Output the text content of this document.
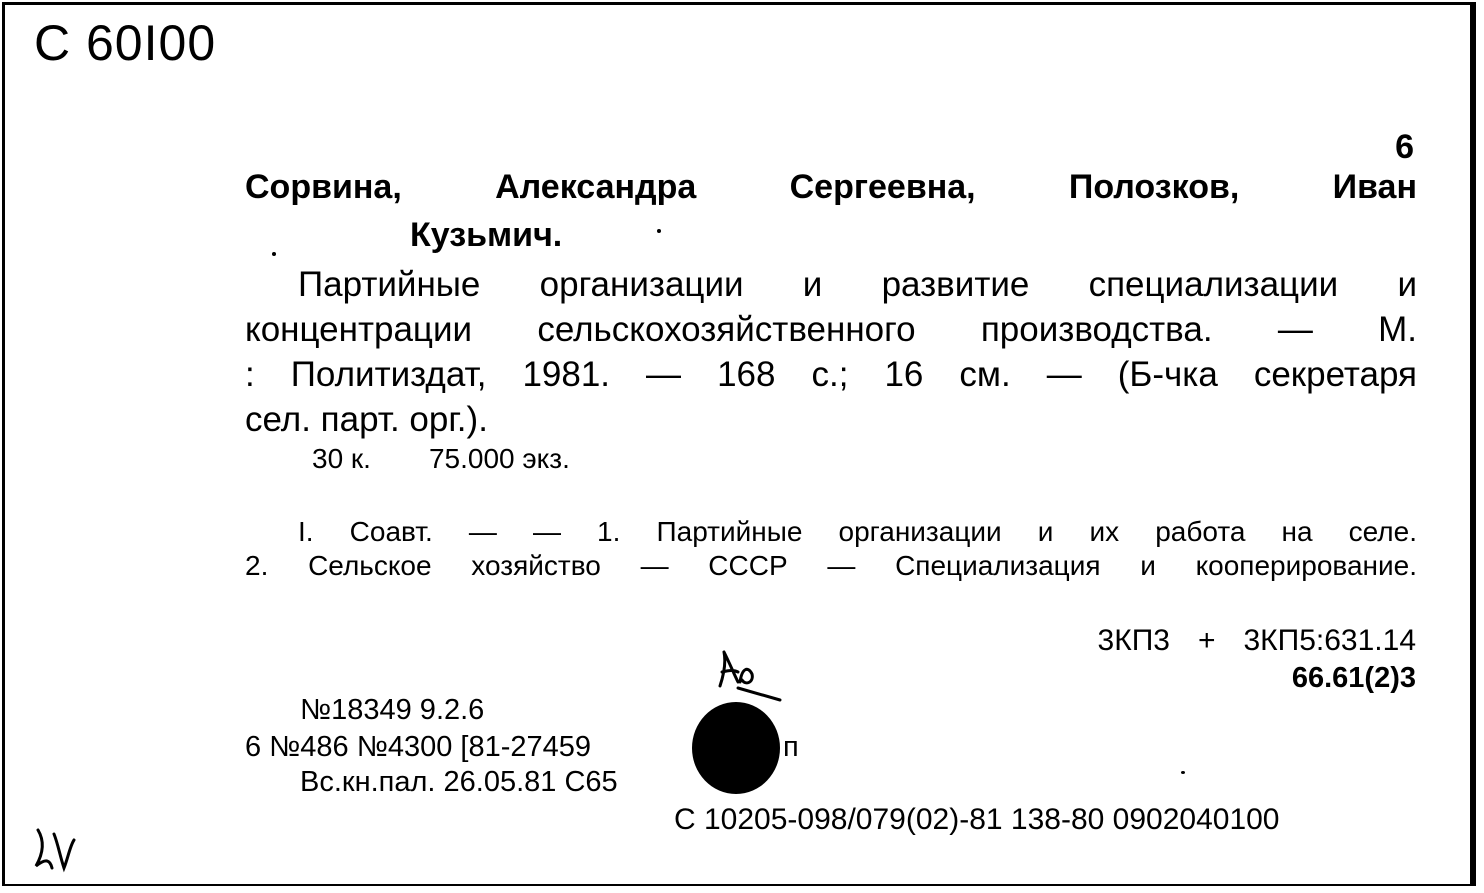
С 60I00
6
Сорвина,	Александра	Сергеевна,	Полозков,	Иван
Кузьмич.
Партийные организации и развитие специализации и
концентрации сельскохозяйственного производства. — М.
: Политиздат, 1981. — 168 с.; 16 см. — (Б-чка секретаря
сел. парт. орг.).
30 к. 75.000 экз.
I. Соавт. — — 1. Партийные организации и их работа на селе.
2. Сельское хозяйство — СССР — Специализация и кооперирование.
3КП3 + 3КП5:631.14
66.61(2)3
№18349 9.2.6
6 №486 №4300 [81-27459
Вс.кн.пал. 26.05.81 С65
п
С 10205-098/079(02)-81 138-80 0902040100
